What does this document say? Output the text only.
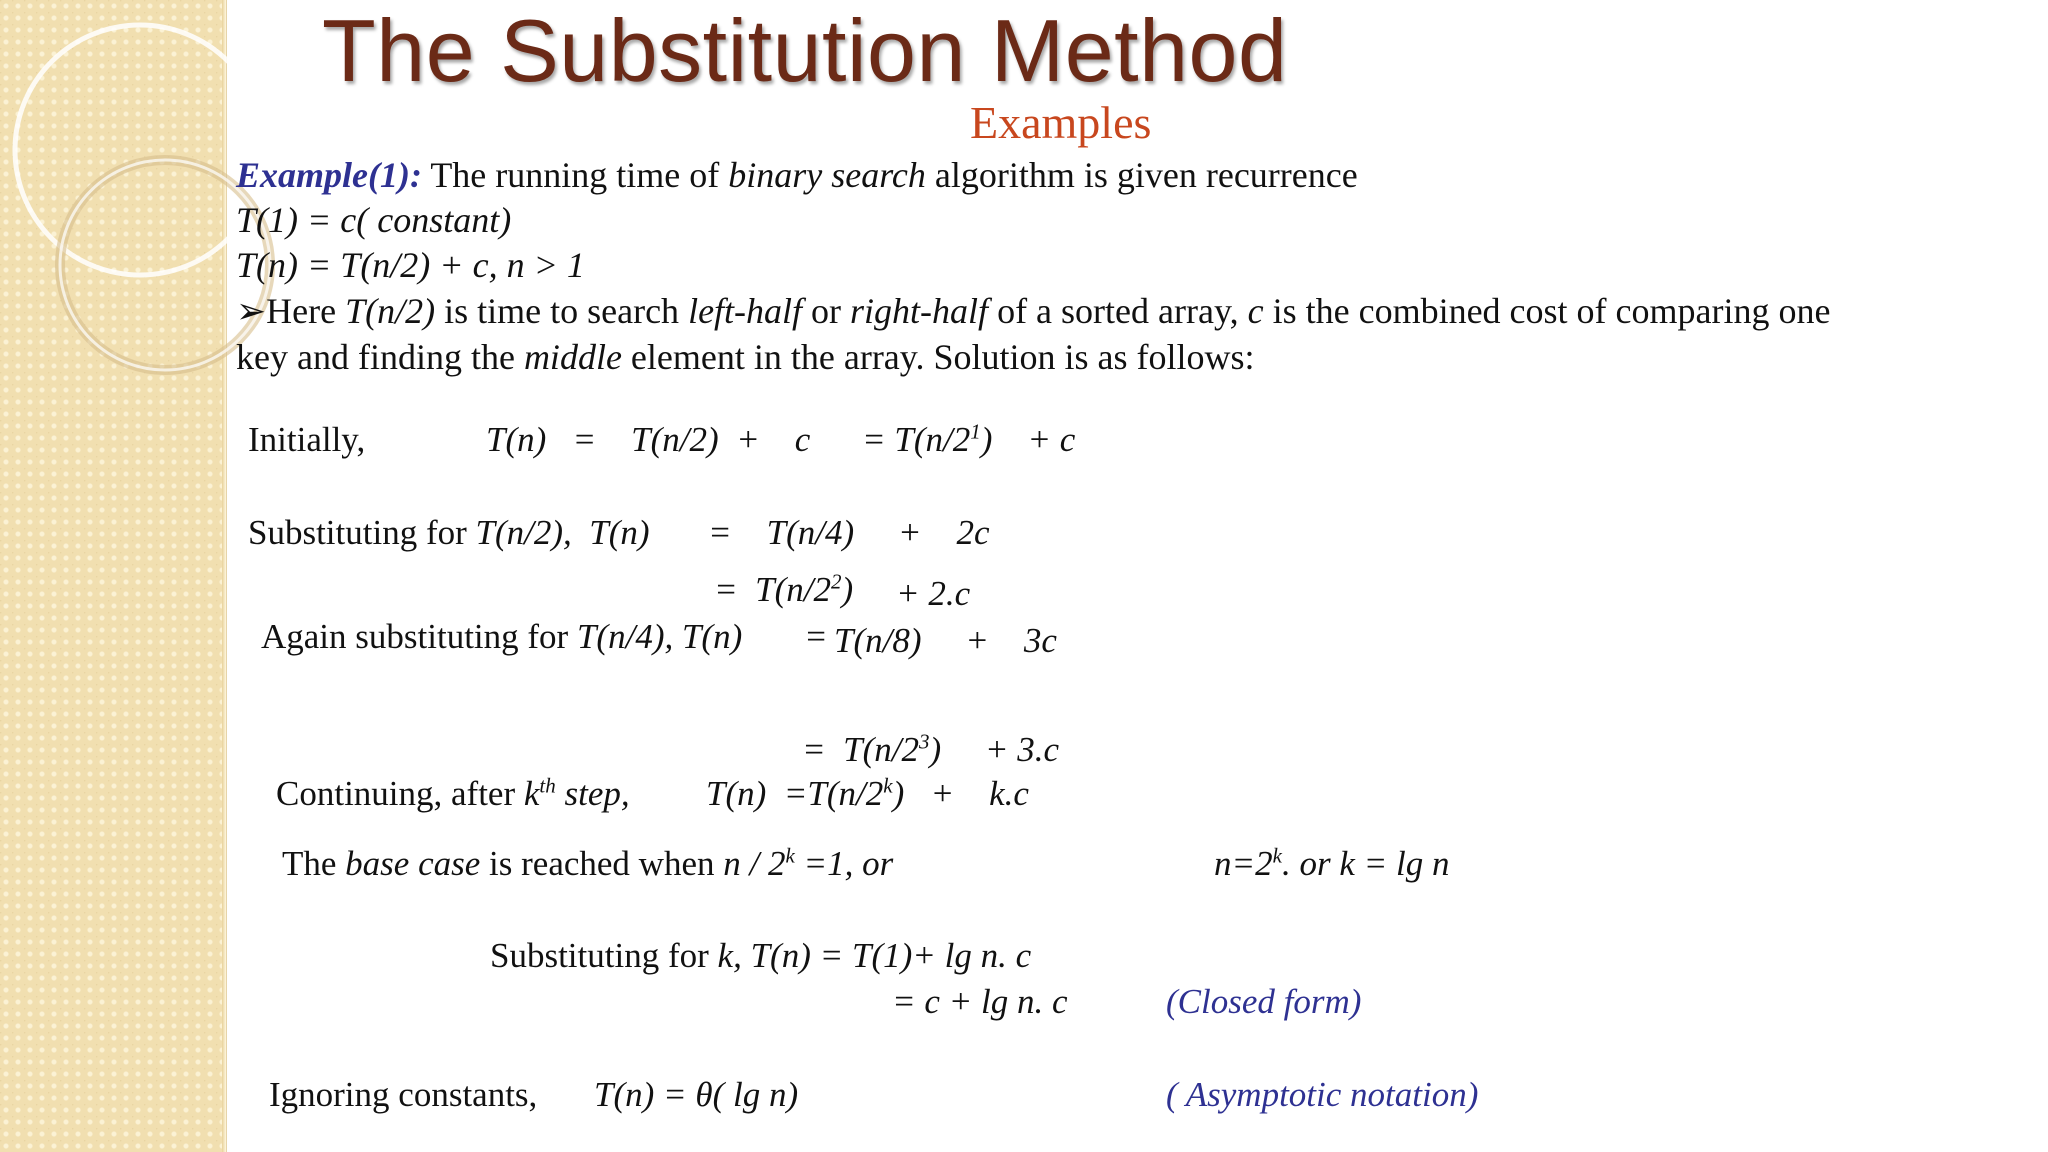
The Substitution Method
Examples
Example(1): The running time of binary search algorithm is given recurrence
T(1) = c( constant)
T(n) = T(n/2) + c, n > 1
➢Here T(n/2) is time to search left-half or right-half of a sorted array, c is the combined cost of comparing one
key and finding the middle element in the array. Solution is as follows:
Initially,	T(n)   =    T(n/2)  +    $c = T(n/2^1)$    + c
Substituting for T(n/2),  T(n) =    T(n/4)     +    2c
=  $T(n/2^2) + 2.c$
Again substituting for T(n/4), T(n) =
T(n/8)     +    3c
=  $T(n/2^3)$     + 3.c
Continuing, after $k^{th}$ step, $T(n) =T(n/2^k)$   +    k.c
The base case is reached when $n / 2^k =1$, or	$n=2^k$. or k = lg n
Substituting for k, T(n) = T(1)+ lg n. c
= c + lg n. c	(Closed form)
Ignoring constants, T(n) = θ( lg n)	( Asymptotic notation)
